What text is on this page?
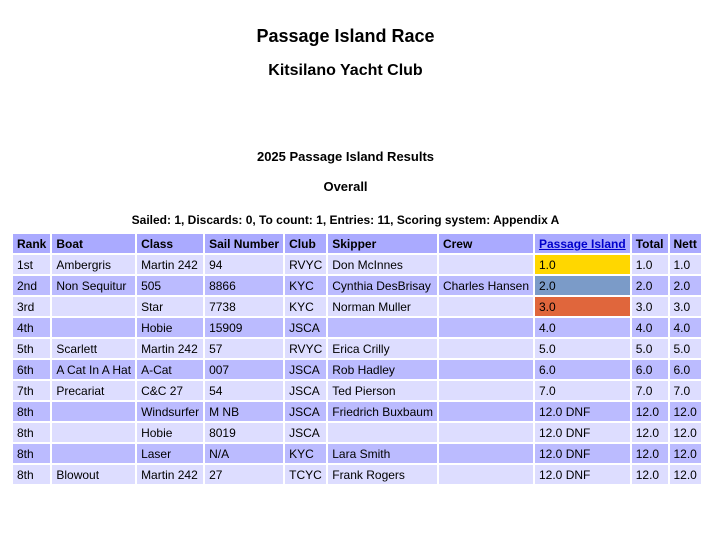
Passage Island Race
Kitsilano Yacht Club
2025 Passage Island Results
Overall
Sailed: 1, Discards: 0, To count: 1, Entries: 11, Scoring system: Appendix A
Rank	Boat	Class	Sail Number	Club	Skipper	Crew	Passage Island	Total	Nett
1st	Ambergris	Martin 242	94	RVYC	Don McInnes		1.0	1.0	1.0
2nd	Non Sequitur	505	8866	KYC	Cynthia DesBrisay	Charles Hansen	2.0	2.0	2.0
3rd		Star	7738	KYC	Norman Muller		3.0	3.0	3.0
4th		Hobie	15909	JSCA			4.0	4.0	4.0
5th	Scarlett	Martin 242	57	RVYC	Erica Crilly		5.0	5.0	5.0
6th	A Cat In A Hat	A-Cat	007	JSCA	Rob Hadley		6.0	6.0	6.0
7th	Precariat	C&C 27	54	JSCA	Ted Pierson		7.0	7.0	7.0
8th		Windsurfer	M NB	JSCA	Friedrich Buxbaum		12.0 DNF	12.0	12.0
8th		Hobie	8019	JSCA			12.0 DNF	12.0	12.0
8th		Laser	N/A	KYC	Lara Smith		12.0 DNF	12.0	12.0
8th	Blowout	Martin 242	27	TCYC	Frank Rogers		12.0 DNF	12.0	12.0
